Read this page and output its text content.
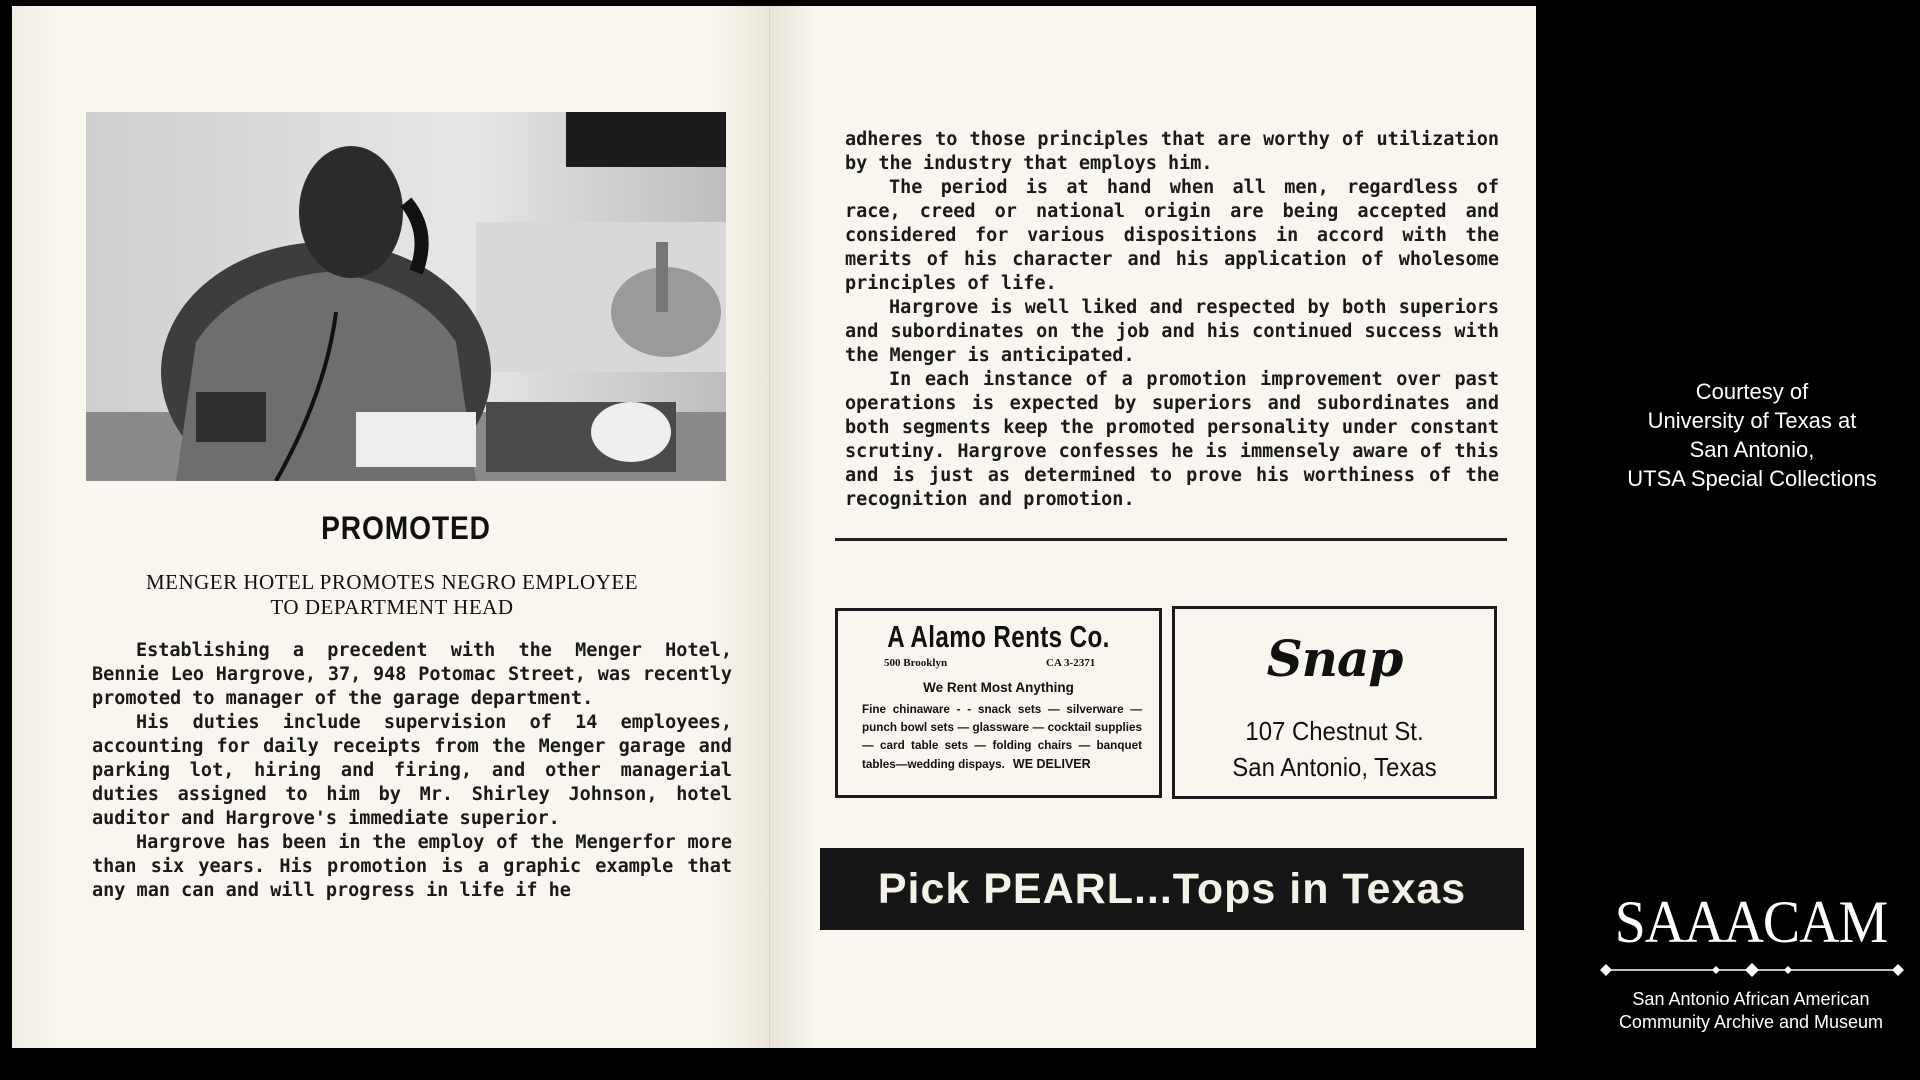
PROMOTED
MENGER HOTEL PROMOTES NEGRO EMPLOYEE
TO DEPARTMENT HEAD

Establishing a precedent with the Menger Hotel, Bennie Leo Hargrove, 37, 948 Potomac Street, was recently promoted to manager of the garage department.

His duties include supervision of 14 employees, accounting for daily receipts from the Menger garage and parking lot, hiring and firing, and other managerial duties assigned to him by Mr. Shirley Johnson, hotel auditor and Hargrove's immediate superior.

Hargrove has been in the employ of the Mengerfor more than six years. His promotion is a graphic example that any man can and will progress in life if he

adheres to those principles that are worthy of utilization by the industry that employs him.

The period is at hand when all men, regardless of race, creed or national origin are being accepted and considered for various dispositions in accord with the merits of his character and his application of wholesome principles of life.

Hargrove is well liked and respected by both superiors and subordinates on the job and his continued success with the Menger is anticipated.

In each instance of a promotion improvement over past operations is expected by superiors and subordinates and both segments keep the promoted personality under constant scrutiny. Hargrove confesses he is immensely aware of this and is just as determined to prove his worthiness of the recognition and promotion.

A Alamo Rents Co.
500 Brooklyn	CA 3-2371
We Rent Most Anything
Fine chinaware - - snack sets — silverware — punch bowl sets — glassware — cocktail supplies — card table sets — folding chairs — banquet tables—wedding dispays. WE DELIVER
Snap
107 Chestnut St.
San Antonio, Texas
Pick PEARL...Tops in Texas
Courtesy of
University of Texas at
San Antonio,
UTSA Special Collections
SAAACAM
San Antonio African American
Community Archive and Museum
